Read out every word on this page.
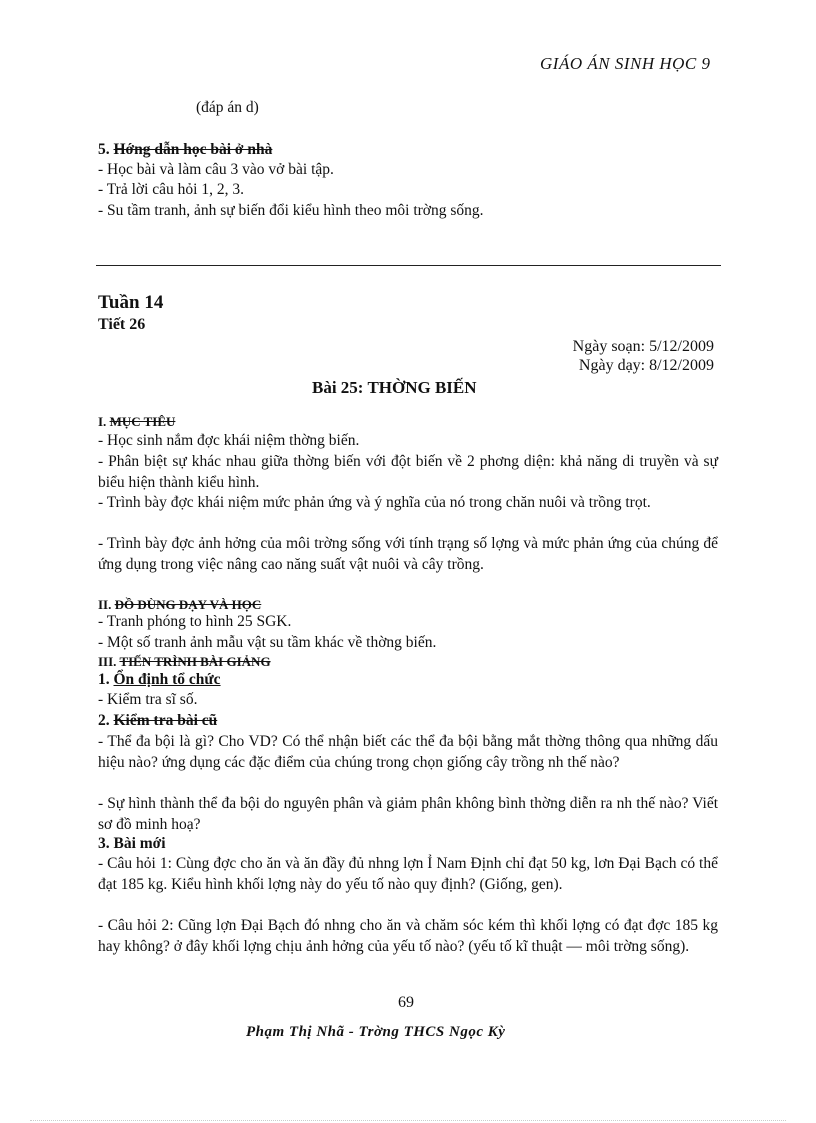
GIÁO ÁN SINH HỌC 9
(đáp án d)
5. Hớng dẫn học bài ở nhà
- Học bài và làm câu 3 vào vở bài tập.
- Trả lời câu hỏi 1, 2, 3.
- Su tầm tranh, ảnh sự biến đổi kiểu hình theo môi trờng sống.
Tuần 14
Tiết 26
Ngày soạn: 5/12/2009
Ngày dạy: 8/12/2009
Bài 25: THỜNG BIẾN
I. MỤC TIÊU
- Học sinh nắm đợc khái niệm thờng biến.
- Phân biệt sự khác nhau giữa thờng biến với đột biến về 2 phơng diện: khả năng di truyền và sự biểu hiện thành kiểu hình.
- Trình bày đợc khái niệm mức phản ứng và ý nghĩa của nó trong chăn nuôi và trồng trọt.
- Trình bày đợc ảnh hởng của môi trờng sống với tính trạng số lợng và mức phản ứng của chúng để ứng dụng trong việc nâng cao năng suất vật nuôi và cây trồng.
II. ĐỒ DÙNG DẠY VÀ HỌC
- Tranh phóng to hình 25 SGK.
- Một số tranh ảnh mẫu vật su tầm khác về thờng biến.
III. TIẾN TRÌNH BÀI GIẢNG
1. Ổn định tổ chức
- Kiểm tra sĩ số.
2. Kiểm tra bài cũ
- Thể đa bội là gì? Cho VD? Có thể nhận biết các thể đa bội bằng mắt thờng thông qua những dấu hiệu nào? ứng dụng các đặc điểm của chúng trong chọn giống cây trồng nh thế nào?
- Sự hình thành thể đa bội do nguyên phân và giảm phân không bình thờng diễn ra nh thế nào? Viết sơ đồ minh hoạ?
3. Bài mới
- Câu hỏi 1: Cùng đợc cho ăn và ăn đầy đủ nhng lợn Ỉ Nam Định chỉ đạt 50 kg, lơn Đại Bạch có thể đạt 185 kg. Kiểu hình khối lợng này do yếu tố nào quy định? (Giống, gen).
- Câu hỏi 2: Cũng lợn Đại Bạch đó nhng cho ăn và chăm sóc kém thì khối lợng có đạt đợc 185 kg hay không? ở đây khối lợng chịu ảnh hởng của yếu tố nào? (yếu tố kĩ thuật — môi trờng sống).
69
Phạm Thị Nhã - Trờng THCS Ngọc Kỳ
